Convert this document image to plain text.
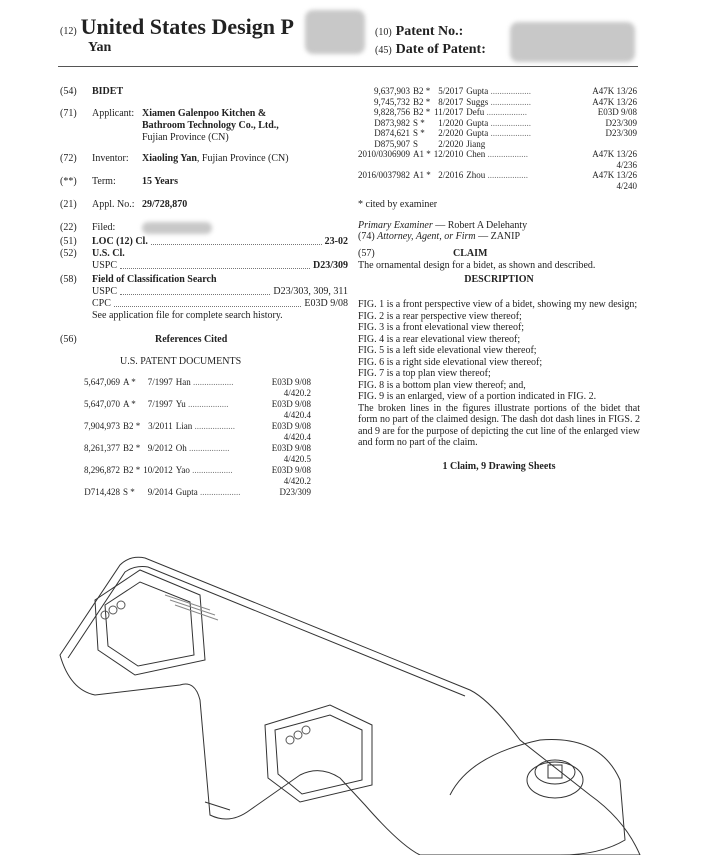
(12) United States Design P
Yan
(10) Patent No.:
(45) Date of Patent:
(54)	BIDET
(71)	Applicant: Xiamen Galenpoo Kitchen &
Bathroom Technology Co., Ltd.,
Fujian Province (CN)
(72)	Inventor:	Xiaoling Yan , Fujian Province (CN)
(**)	Term:	15 Years
(21)	Appl. No.: 29/728,870
(22)	Filed:
(51)	LOC (12) Cl.	23-02
(52)	U.S. Cl.
USPC	D23/309
(58)	Field of Classification Search
USPC	D23/303, 309, 311
CPC	E03D 9/08
See application file for complete search history.
(56)	References Cited
U.S. PATENT DOCUMENTS
5,647,069	A *	7/1997	Han ..................	E03D 9/08
4/420.2				
5,647,070	A *	7/1997	Yu ..................	E03D 9/08
4/420.4				
7,904,973	B2 *	3/2011	Lian ..................	E03D 9/08
4/420.4				
8,261,377	B2 *	9/2012	Oh ..................	E03D 9/08
4/420.5				
8,296,872	B2 *	10/2012	Yao ..................	E03D 9/08
4/420.2				
D714,428	S *	9/2014	Gupta ..................	D23/309
9,637,903	B2 *	5/2017	Gupta ..................	A47K 13/26
9,745,732	B2 *	8/2017	Suggs ..................	A47K 13/26
9,828,756	B2 *	11/2017	Defu ..................	E03D 9/08
D873,982	S *	1/2020	Gupta ..................	D23/309
D874,621	S *	2/2020	Gupta ..................	D23/309
D875,907	S	2/2020	Jiang	
2010/0306909	A1 *	12/2010	Chen ..................	A47K 13/26
4/236				
2016/0037982	A1 *	2/2016	Zhou ..................	A47K 13/26
4/240				
* cited by examiner
Primary Examiner — Robert A Delehanty
(74) Attorney, Agent, or Firm — ZANIP
(57)	CLAIM
The ornamental design for a bidet, as shown and described.
DESCRIPTION
FIG. 1 is a front perspective view of a bidet, showing my new design;
FIG. 2 is a rear perspective view thereof;
FIG. 3 is a front elevational view thereof;
FIG. 4 is a rear elevational view thereof;
FIG. 5 is a left side elevational view thereof;
FIG. 6 is a right side elevational view thereof;
FIG. 7 is a top plan view thereof;
FIG. 8 is a bottom plan view thereof; and,
FIG. 9 is an enlarged, view of a portion indicated in FIG. 2.
The broken lines in the figures illustrate portions of the bidet that form no part of the claimed design. The dash dot dash lines in FIGS. 2 and 9 are for the purpose of depicting the cut line of the enlarged view and form no part of the claim.
1 Claim, 9 Drawing Sheets
